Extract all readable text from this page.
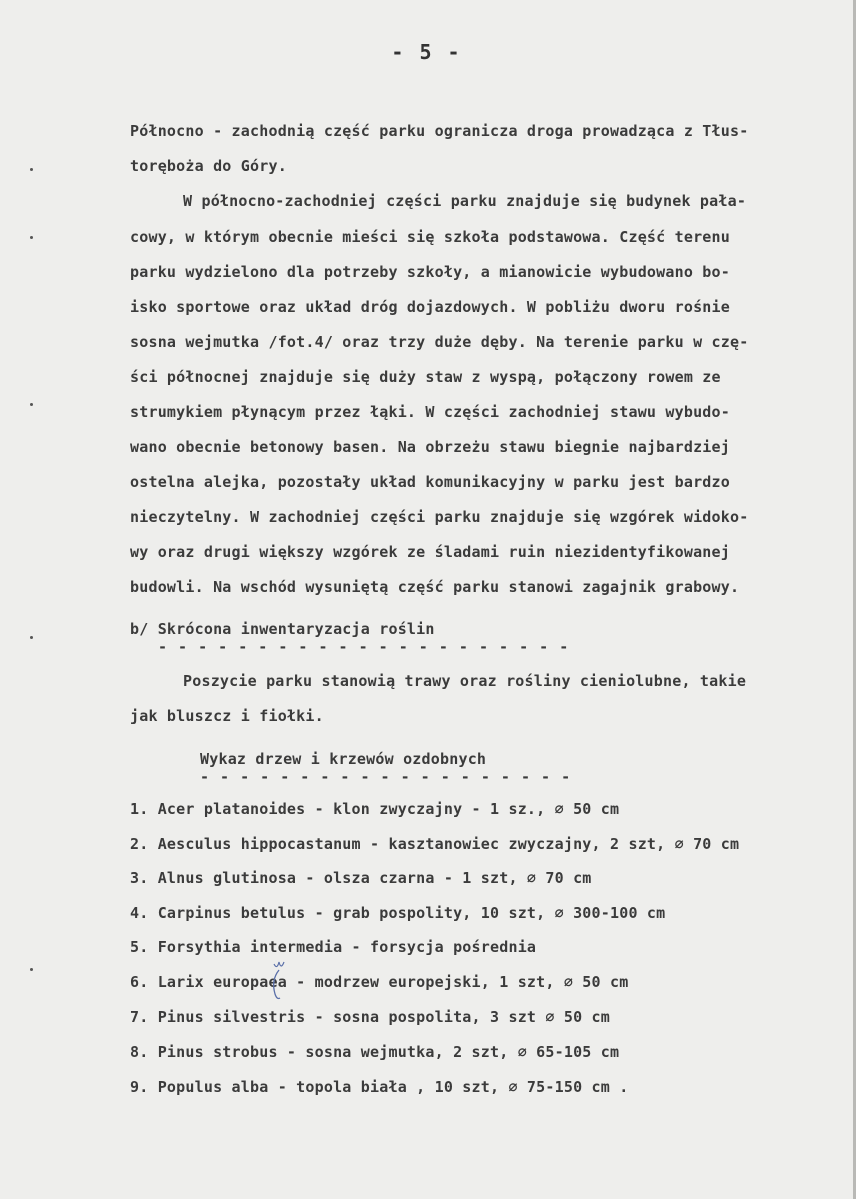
- 5 -
Północno - zachodnią część parku ogranicza droga prowadząca z Tłus-
toręboża do Góry.
W północno-zachodniej części parku znajduje się budynek pała-
cowy, w którym obecnie mieści się szkoła podstawowa. Część terenu
parku wydzielono dla potrzeby szkoły, a mianowicie wybudowano bo-
isko sportowe oraz układ dróg dojazdowych. W pobliżu dworu rośnie
sosna wejmutka /fot.4/ oraz trzy duże dęby. Na terenie parku w czę-
ści północnej znajduje się duży staw z wyspą, połączony rowem ze
strumykiem płynącym przez łąki. W części zachodniej stawu wybudo-
wano obecnie betonowy basen. Na obrzeżu stawu biegnie najbardziej
ostelna alejka, pozostały układ komunikacyjny w parku jest bardzo
nieczytelny. W zachodniej części parku znajduje się wzgórek widoko-
wy oraz drugi większy wzgórek ze śladami ruin niezidentyfikowanej
budowli. Na wschód wysuniętą część parku stanowi zagajnik grabowy.
b/ Skrócona inwentaryzacja roślin
- - - - - - - - - - - - - - - - - - - - -
Poszycie parku stanowią trawy oraz rośliny cieniolubne, takie
jak bluszcz i fiołki.
Wykaz drzew i krzewów ozdobnych
- - - - - - - - - - - - - - - - - - -
1. Acer platanoides - klon zwyczajny - 1 sz., ∅ 50 cm
2. Aesculus hippocastanum - kasztanowiec zwyczajny, 2 szt, ∅ 70 cm
3. Alnus glutinosa - olsza czarna - 1 szt, ∅ 70 cm
4. Carpinus betulus - grab pospolity, 10 szt, ∅ 300-100 cm
5. Forsythia intermedia - forsycja pośrednia
6. Larix europaea - modrzew europejski, 1 szt, ∅ 50 cm
7. Pinus silvestris - sosna pospolita, 3 szt ∅ 50 cm
8. Pinus strobus - sosna wejmutka, 2 szt, ∅ 65-105 cm
9. Populus alba - topola biała , 10 szt, ∅ 75-150 cm .
